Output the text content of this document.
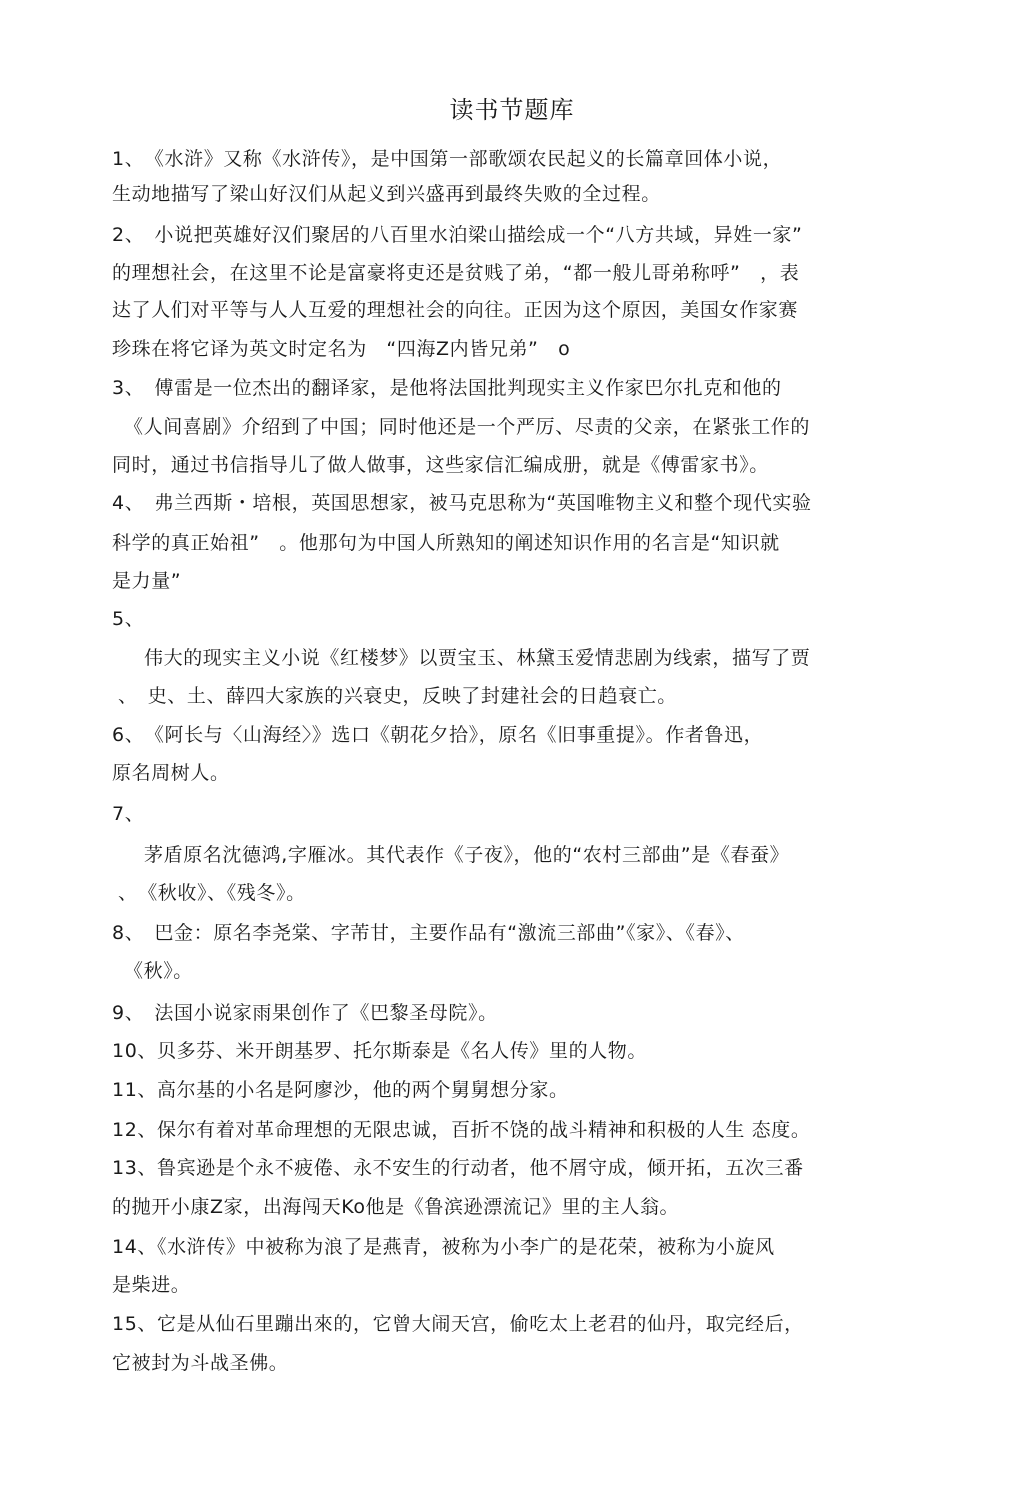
读书节题库
1、　《水浒》又称《水浒传》，是中国第一部歌颂农民起义的长篇章回体小说，
生动地描写了梁山好汉们从起义到兴盛再到最终失败的全过程。
2、　小说把英雄好汉们聚居的八百里水泊梁山描绘成一个“八方共域，异姓一家”
的理想社会，在这里不论是富豪将吏还是贫贱了弟，“都一般儿哥弟称呼”　，表
达了人们对平等与人人互爱的理想社会的向往。正因为这个原因，美国女作家赛
珍珠在将它译为英文时定名为　“四海Z内皆兄弟”　o
3、　傅雷是一位杰出的翻译家，是他将法国批判现实主义作家巴尔扎克和他的
《人间喜剧》介绍到了中国；同时他还是一个严厉、尽责的父亲，在紧张工作的
同时，通过书信指导儿了做人做事，这些家信汇编成册，就是《傅雷家书》。
4、　弗兰西斯・培根，英国思想家，被马克思称为“英国唯物主义和整个现代实验
科学的真正始祖”　。他那句为中国人所熟知的阐述知识作用的名言是“知识就
是力量”
5、
伟大的现实主义小说《红楼梦》以贾宝玉、林黛玉爱情悲剧为线索，描写了贾
、　史、土、薛四大家族的兴衰史，反映了封建社会的日趋衰亡。
6、　《阿长与〈山海经〉》选口《朝花夕拾》，原名《旧事重提》。作者鲁迅，
原名周树人。
7、
茅盾原名沈德鸿,字雁冰。其代表作《子夜》，他的“农村三部曲”是《春蚕》
、　《秋收》、《残冬》。
8、　巴金：原名李尧棠、字芾甘，主要作品有“激流三部曲”《家》、《春》、
《秋》。
9、　法国小说家雨果创作了《巴黎圣母院》。
10、贝多芬、米开朗基罗、托尔斯泰是《名人传》里的人物。
11、高尔基的小名是阿廖沙，他的两个舅舅想分家。
12、保尔有着对革命理想的无限忠诚，百折不饶的战斗精神和积极的人生 态度。
13、鲁宾逊是个永不疲倦、永不安生的行动者，他不屑守成，倾开拓，五次三番
的抛开小康Z家，出海闯天Ko他是《鲁滨逊漂流记》里的主人翁。
14、《水浒传》中被称为浪了是燕青，被称为小李广的是花荣，被称为小旋风
是柴进。
15、它是从仙石里蹦出來的，它曾大闹天宫，偷吃太上老君的仙丹，取完经后，
它被封为斗战圣佛。
